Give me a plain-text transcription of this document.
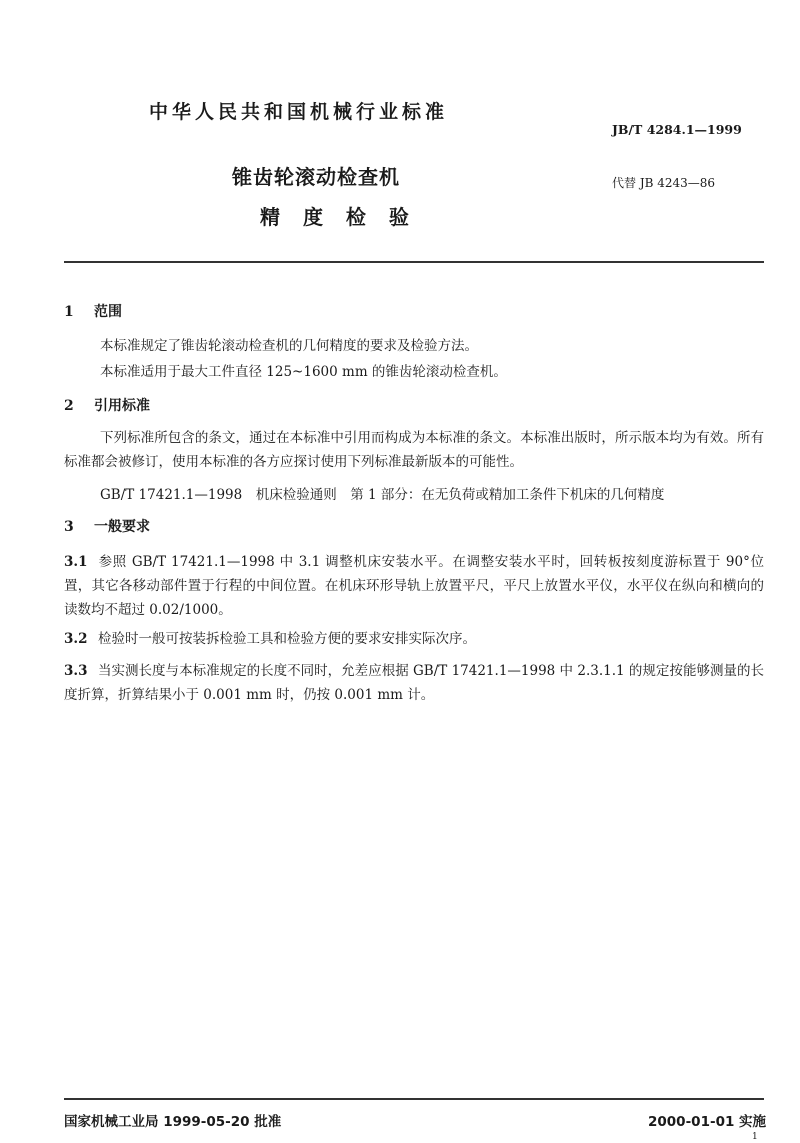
中华人民共和国机械行业标准
JB/T 4284.1—1999
锥齿轮滚动检查机	代替 JB 4243—86
精 度 检 验
1 范围
本标准规定了锥齿轮滚动检查机的几何精度的要求及检验方法。
本标准适用于最大工件直径 125~1600 mm 的锥齿轮滚动检查机。
2 引用标准
下列标准所包含的条文，通过在本标准中引用而构成为本标准的条文。本标准出版时，所示版本均为有效。所有标准都会被修订，使用本标准的各方应探讨使用下列标准最新版本的可能性。
GB/T 17421.1—1998　机床检验通则　第 1 部分：在无负荷或精加工条件下机床的几何精度
3 一般要求
3.1 参照 GB/T 17421.1—1998 中 3.1 调整机床安装水平。在调整安装水平时，回转板按刻度游标置于 90°位置，其它各移动部件置于行程的中间位置。在机床环形导轨上放置平尺，平尺上放置水平仪，水平仪在纵向和横向的读数均不超过 0.02/1000。
3.2 检验时一般可按装拆检验工具和检验方便的要求安排实际次序。
3.3 当实测长度与本标准规定的长度不同时，允差应根据 GB/T 17421.1—1998 中 2.3.1.1 的规定按能够测量的长度折算，折算结果小于 0.001 mm 时，仍按 0.001 mm 计。
国家机械工业局 1999-05-20 批准	2000-01-01 实施
1
